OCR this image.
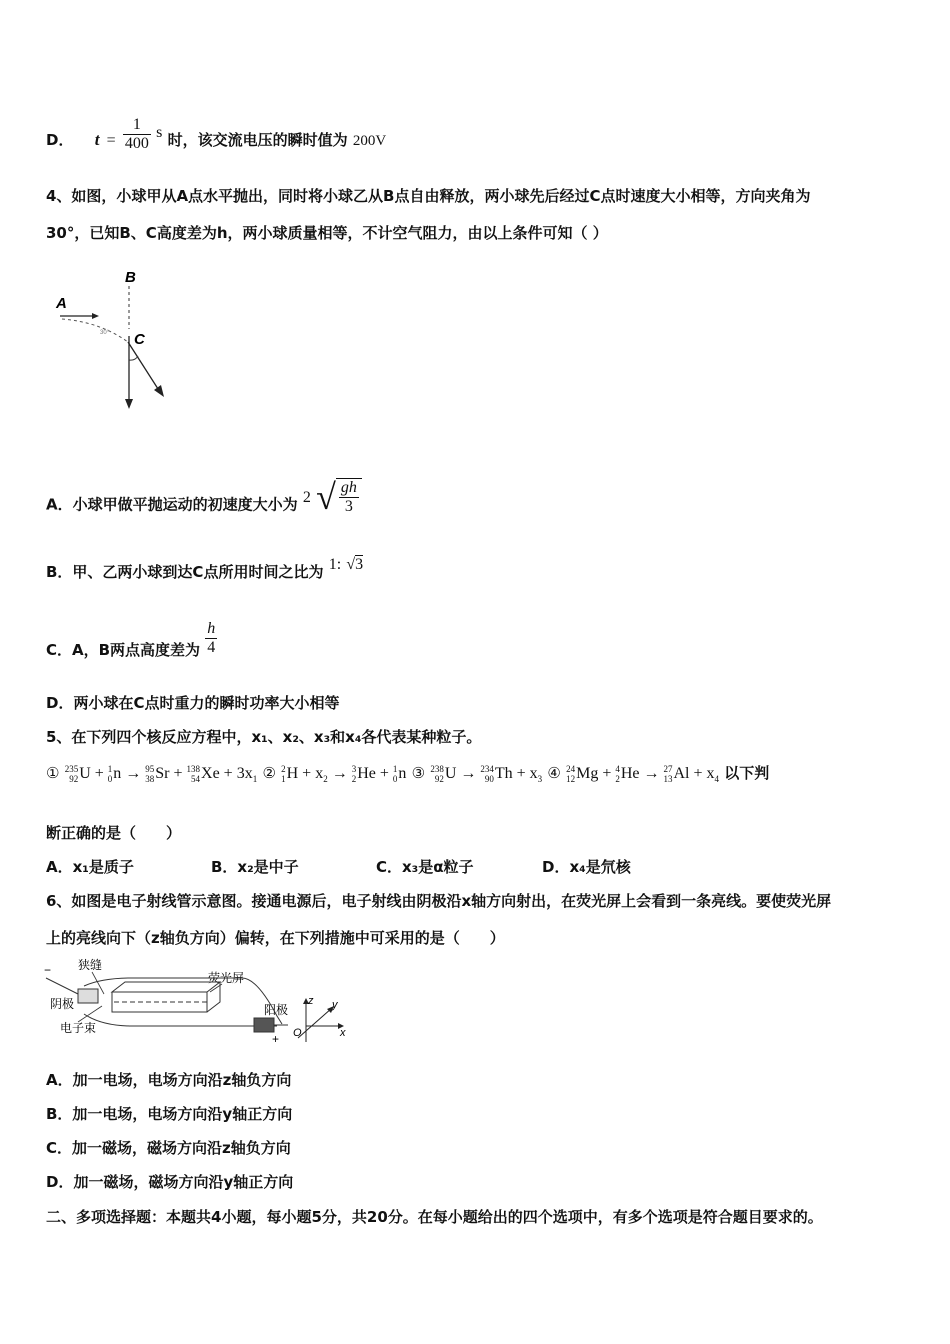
D． $t = \frac{1}{400}$ s 时，该交流电压的瞬时值为 200V
4、如图，小球甲从A点水平抛出，同时将小球乙从B点自由释放，两小球先后经过C点时速度大小相等，方向夹角为
30°，已知B、C高度差为h，两小球质量相等，不计空气阻力，由以上条件可知（ ）
B
A
C
30°
A．小球甲做平抛运动的初速度大小为 2 √ $\frac{gh}{3}$
B．甲、乙两小球到达C点所用时间之比为 1: √3
C．A，B两点高度差为 $\frac{h}{4}$
D．两小球在C点时重力的瞬时功率大小相等
5、在下列四个核反应方程中，x₁、x₂、x₃和x₄各代表某种粒子。
① 235
92 U + 1
0 n → 95
38 Sr + 138
54 $Xe + 3x_1$ ② 2
1 $H + x_2 \to 3$
2 He + 1
0 n ③ 238
92 U → 234
90 $Th + x_3$ ④ 24
12 Mg + 4
2 He → 27
13 $Al + x_4$ 以下判
断正确的是（　　）
A．x₁是质子	B．x₂是中子	C．x₃是α粒子	D．x₄是氘核
6、如图是电子射线管示意图。接通电源后，电子射线由阴极沿x轴方向射出，在荧光屏上会看到一条亮线。要使荧光屏
上的亮线向下（z轴负方向）偏转，在下列措施中可采用的是（　　）
− 狭缝
荧光屏
阴极	阳极
电子束
+
z y
x
O
A．加一电场，电场方向沿z轴负方向
B．加一电场，电场方向沿y轴正方向
C．加一磁场，磁场方向沿z轴负方向
D．加一磁场，磁场方向沿y轴正方向
二、多项选择题：本题共4小题，每小题5分，共20分。在每小题给出的四个选项中，有多个选项是符合题目要求的。
